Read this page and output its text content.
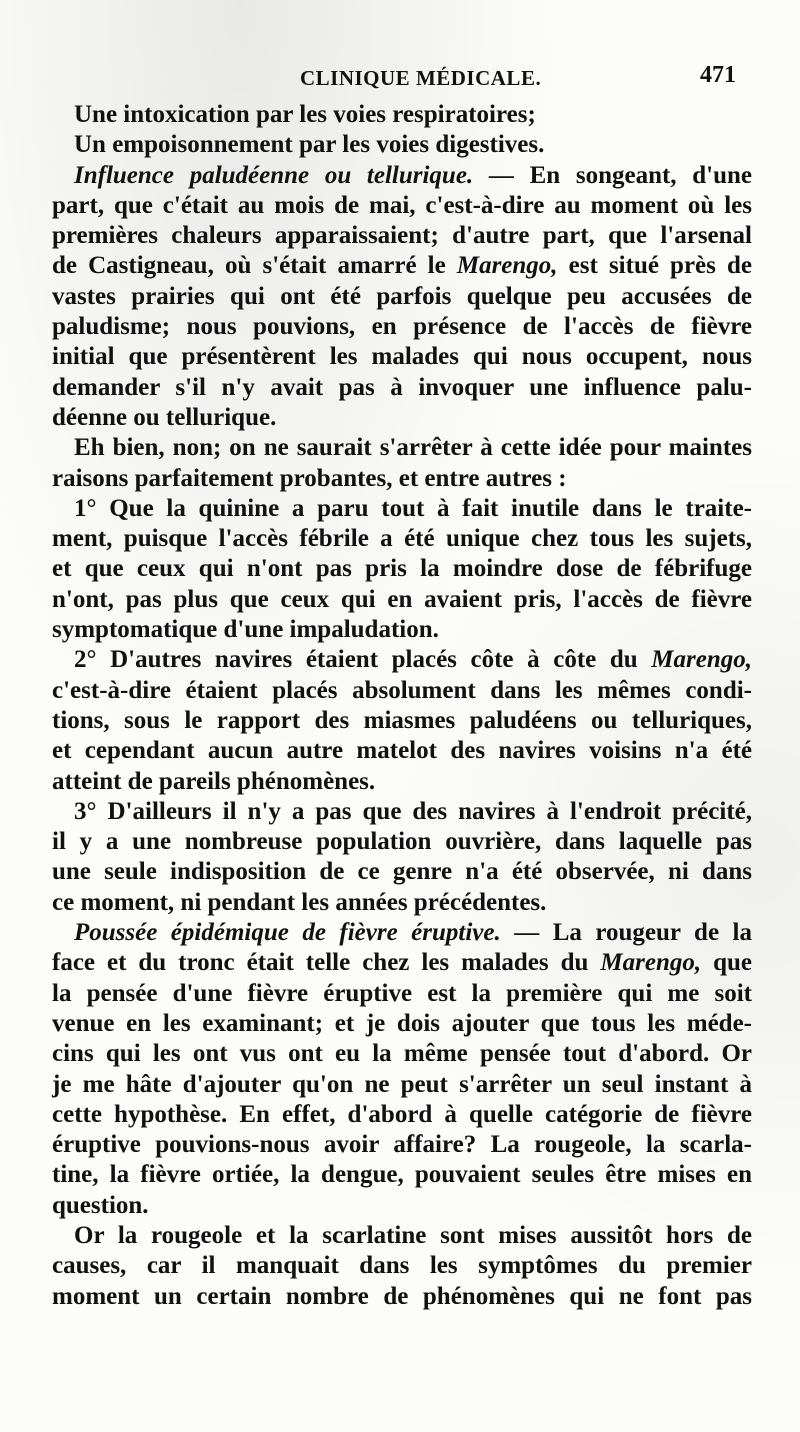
CLINIQUE MÉDICALE.	471
Une intoxication par les voies respiratoires;
Un empoisonnement par les voies digestives.
Influence paludéenne ou tellurique. — En songeant, d'une
part, que c'était au mois de mai, c'est-à-dire au moment où les
premières chaleurs apparaissaient; d'autre part, que l'arsenal
de Castigneau, où s'était amarré le Marengo, est situé près de
vastes prairies qui ont été parfois quelque peu accusées de
paludisme; nous pouvions, en présence de l'accès de fièvre
initial que présentèrent les malades qui nous occupent, nous
demander s'il n'y avait pas à invoquer une influence palu-
déenne ou tellurique.
Eh bien, non; on ne saurait s'arrêter à cette idée pour maintes
raisons parfaitement probantes, et entre autres :
1° Que la quinine a paru tout à fait inutile dans le traite-
ment, puisque l'accès fébrile a été unique chez tous les sujets,
et que ceux qui n'ont pas pris la moindre dose de fébrifuge
n'ont, pas plus que ceux qui en avaient pris, l'accès de fièvre
symptomatique d'une impaludation.
2° D'autres navires étaient placés côte à côte du Marengo,
c'est-à-dire étaient placés absolument dans les mêmes condi-
tions, sous le rapport des miasmes paludéens ou telluriques,
et cependant aucun autre matelot des navires voisins n'a été
atteint de pareils phénomènes.
3° D'ailleurs il n'y a pas que des navires à l'endroit précité,
il y a une nombreuse population ouvrière, dans laquelle pas
une seule indisposition de ce genre n'a été observée, ni dans
ce moment, ni pendant les années précédentes.
Poussée épidémique de fièvre éruptive. — La rougeur de la
face et du tronc était telle chez les malades du Marengo, que
la pensée d'une fièvre éruptive est la première qui me soit
venue en les examinant; et je dois ajouter que tous les méde-
cins qui les ont vus ont eu la même pensée tout d'abord. Or
je me hâte d'ajouter qu'on ne peut s'arrêter un seul instant à
cette hypothèse. En effet, d'abord à quelle catégorie de fièvre
éruptive pouvions-nous avoir affaire? La rougeole, la scarla-
tine, la fièvre ortiée, la dengue, pouvaient seules être mises en
question.
Or la rougeole et la scarlatine sont mises aussitôt hors de
causes, car il manquait dans les symptômes du premier
moment un certain nombre de phénomènes qui ne font pas
